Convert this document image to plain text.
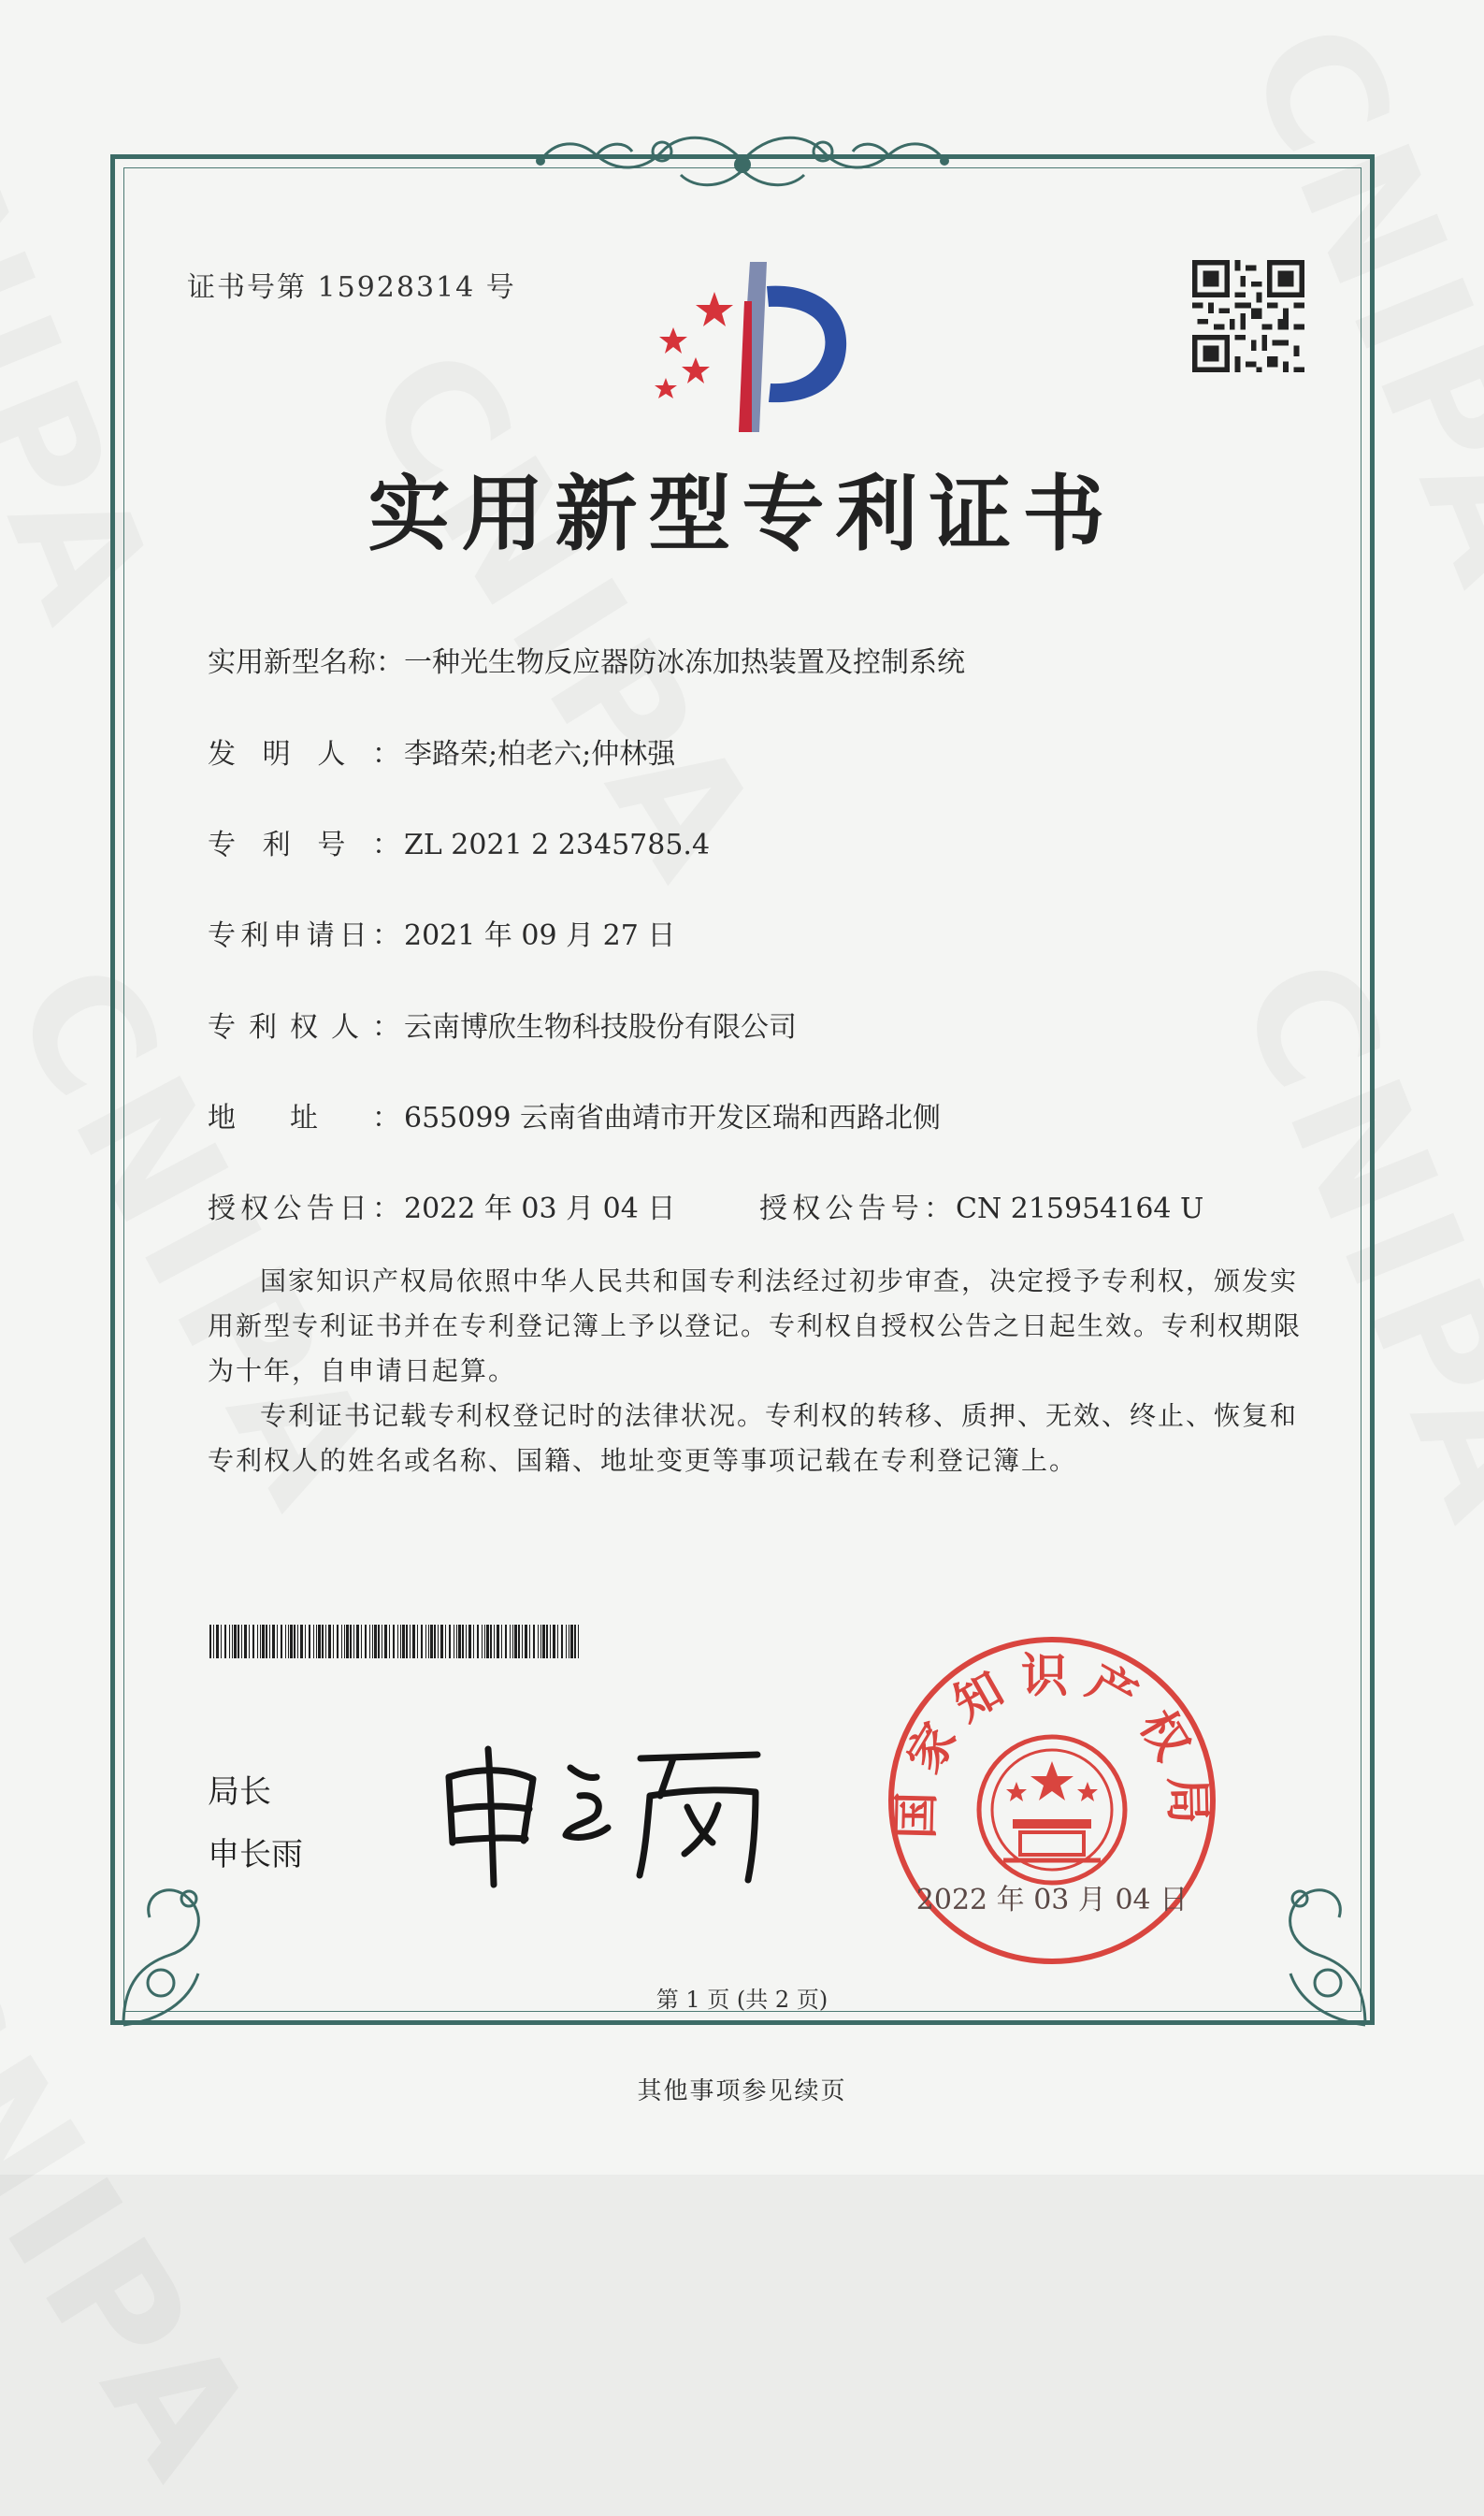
证书号第 15928314 号
实用新型专利证书
实用新型名称：一种光生物反应器防冰冻加热装置及控制系统
发明人： 李路荣;柏老六;仲林强
专利号： ZL 2021 2 2345785.4
专利申请日： 2021 年 09 月 27 日
专利权人： 云南博欣生物科技股份有限公司
地址： 655099 云南省曲靖市开发区瑞和西路北侧
授权公告日： 2022 年 03 月 04 日	授权公告号： CN 215954164 U

国家知识产权局依照中华人民共和国专利法经过初步审查，决定授予专利权，颁发实用新型专利证书并在专利登记簿上予以登记。专利权自授权公告之日起生效。专利权期限为十年，自申请日起算。

专利证书记载专利权登记时的法律状况。专利权的转移、质押、无效、终止、恢复和专利权人的姓名或名称、国籍、地址变更等事项记载在专利登记簿上。

局长
申长雨
国家知识产权局
2022 年 03 月 04 日
第 1 页 (共 2 页)
其他事项参见续页
